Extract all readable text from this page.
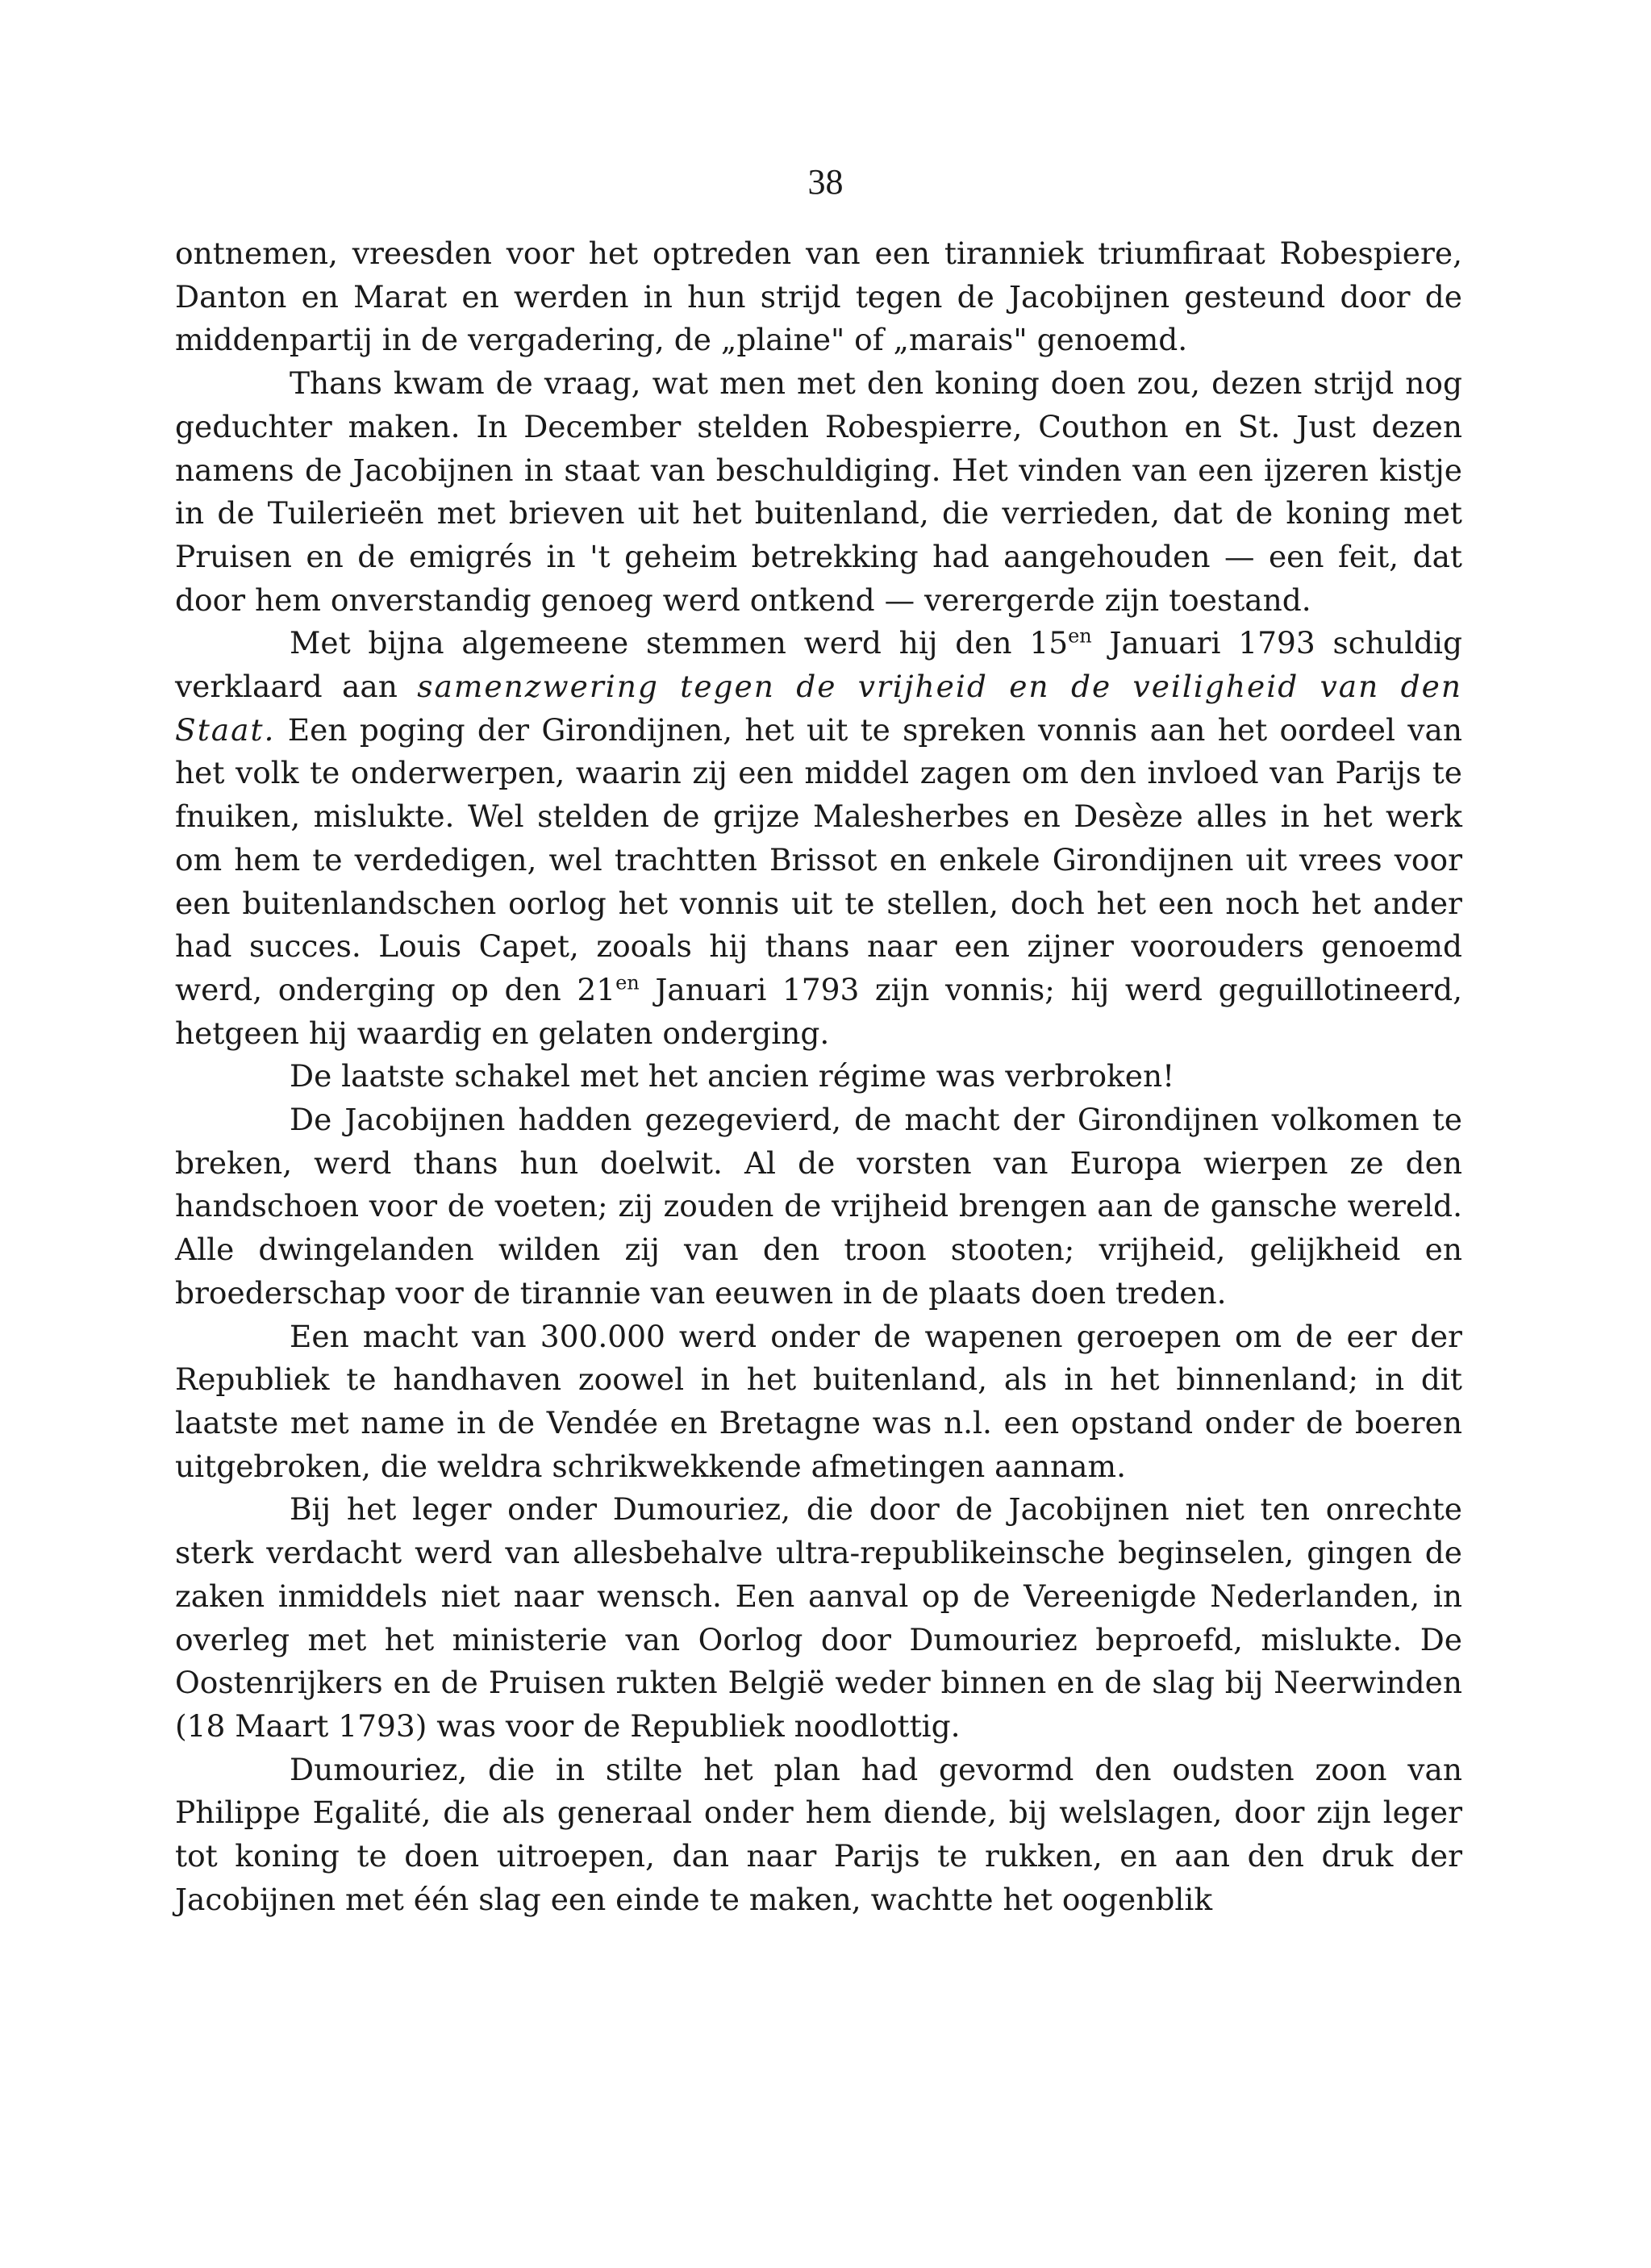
38

ontnemen, vreesden voor het optreden van een tiranniek triumfiraat Robespiere, Danton en Marat en werden in hun strijd tegen de Jacobijnen gesteund door de middenpartij in de vergadering, de „plaine" of „marais" genoemd.

Thans kwam de vraag, wat men met den koning doen zou, dezen strijd nog geduchter maken. In December stelden Robespierre, Couthon en St. Just dezen namens de Jacobijnen in staat van beschuldiging. Het vinden van een ijzeren kistje in de Tuilerieën met brieven uit het buitenland, die verrieden, dat de koning met Pruisen en de emigrés in 't geheim betrekking had aangehouden — een feit, dat door hem onverstandig genoeg werd ontkend — verergerde zijn toestand.

Met bijna algemeene stemmen werd hij den $15^{en}$ Januari 1793 schuldig verklaard aan samenzwering tegen de vrijheid en de veiligheid van den Staat. Een poging der Girondijnen, het uit te spreken vonnis aan het oordeel van het volk te onderwerpen, waarin zij een middel zagen om den invloed van Parijs te fnuiken, mislukte. Wel stelden de grijze Malesherbes en Desèze alles in het werk om hem te verdedigen, wel trachtten Brissot en enkele Girondijnen uit vrees voor een buitenlandschen oorlog het vonnis uit te stellen, doch het een noch het ander had succes. Louis Capet, zooals hij thans naar een zijner voorouders genoemd werd, onderging op den $21^{en}$ Januari 1793 zijn vonnis; hij werd geguillotineerd, hetgeen hij waardig en gelaten onderging.

De laatste schakel met het ancien régime was verbroken!

De Jacobijnen hadden gezegevierd, de macht der Girondijnen volkomen te breken, werd thans hun doelwit. Al de vorsten van Europa wierpen ze den handschoen voor de voeten; zij zouden de vrijheid brengen aan de gansche wereld. Alle dwingelanden wilden zij van den troon stooten; vrijheid, gelijkheid en broederschap voor de tirannie van eeuwen in de plaats doen treden.

Een macht van 300.000 werd onder de wapenen geroepen om de eer der Republiek te handhaven zoowel in het buitenland, als in het binnenland; in dit laatste met name in de Vendée en Bretagne was n.l. een opstand onder de boeren uitgebroken, die weldra schrikwekkende afmetingen aannam.

Bij het leger onder Dumouriez, die door de Jacobijnen niet ten onrechte sterk verdacht werd van allesbehalve ultra-republikeinsche beginselen, gingen de zaken inmiddels niet naar wensch. Een aanval op de Vereenigde Nederlanden, in overleg met het ministerie van Oorlog door Dumouriez beproefd, mislukte. De Oostenrijkers en de Pruisen rukten België weder binnen en de slag bij Neerwinden (18 Maart 1793) was voor de Republiek noodlottig.

Dumouriez, die in stilte het plan had gevormd den oudsten zoon van Philippe Egalité, die als generaal onder hem diende, bij welslagen, door zijn leger tot koning te doen uitroepen, dan naar Parijs te rukken, en aan den druk der Jacobijnen met één slag een einde te maken, wachtte het oogenblik
